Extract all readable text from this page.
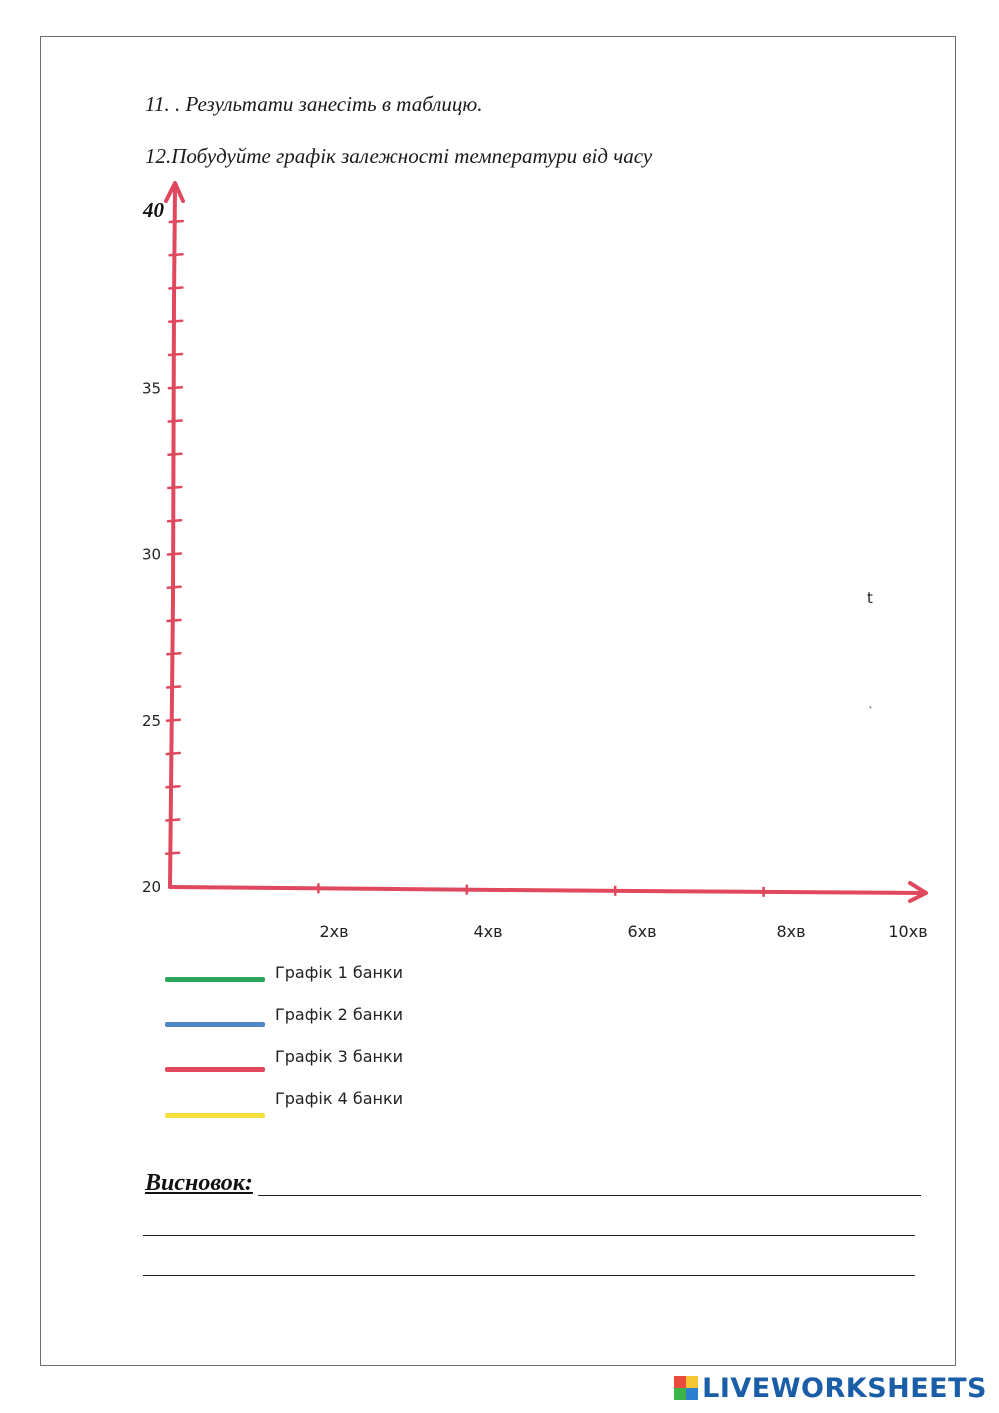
11. . Результати занесіть в таблицю.
12.Побудуйте графік залежності температури від часу
40
t
`
35
30
25
20
2хв	4хв	6хв	8хв	10хв
Графік 1 банки
Графік 2 банки
Графік 3 банки
Графік 4 банки
Висновок:
LIVEWORKSHEETS
